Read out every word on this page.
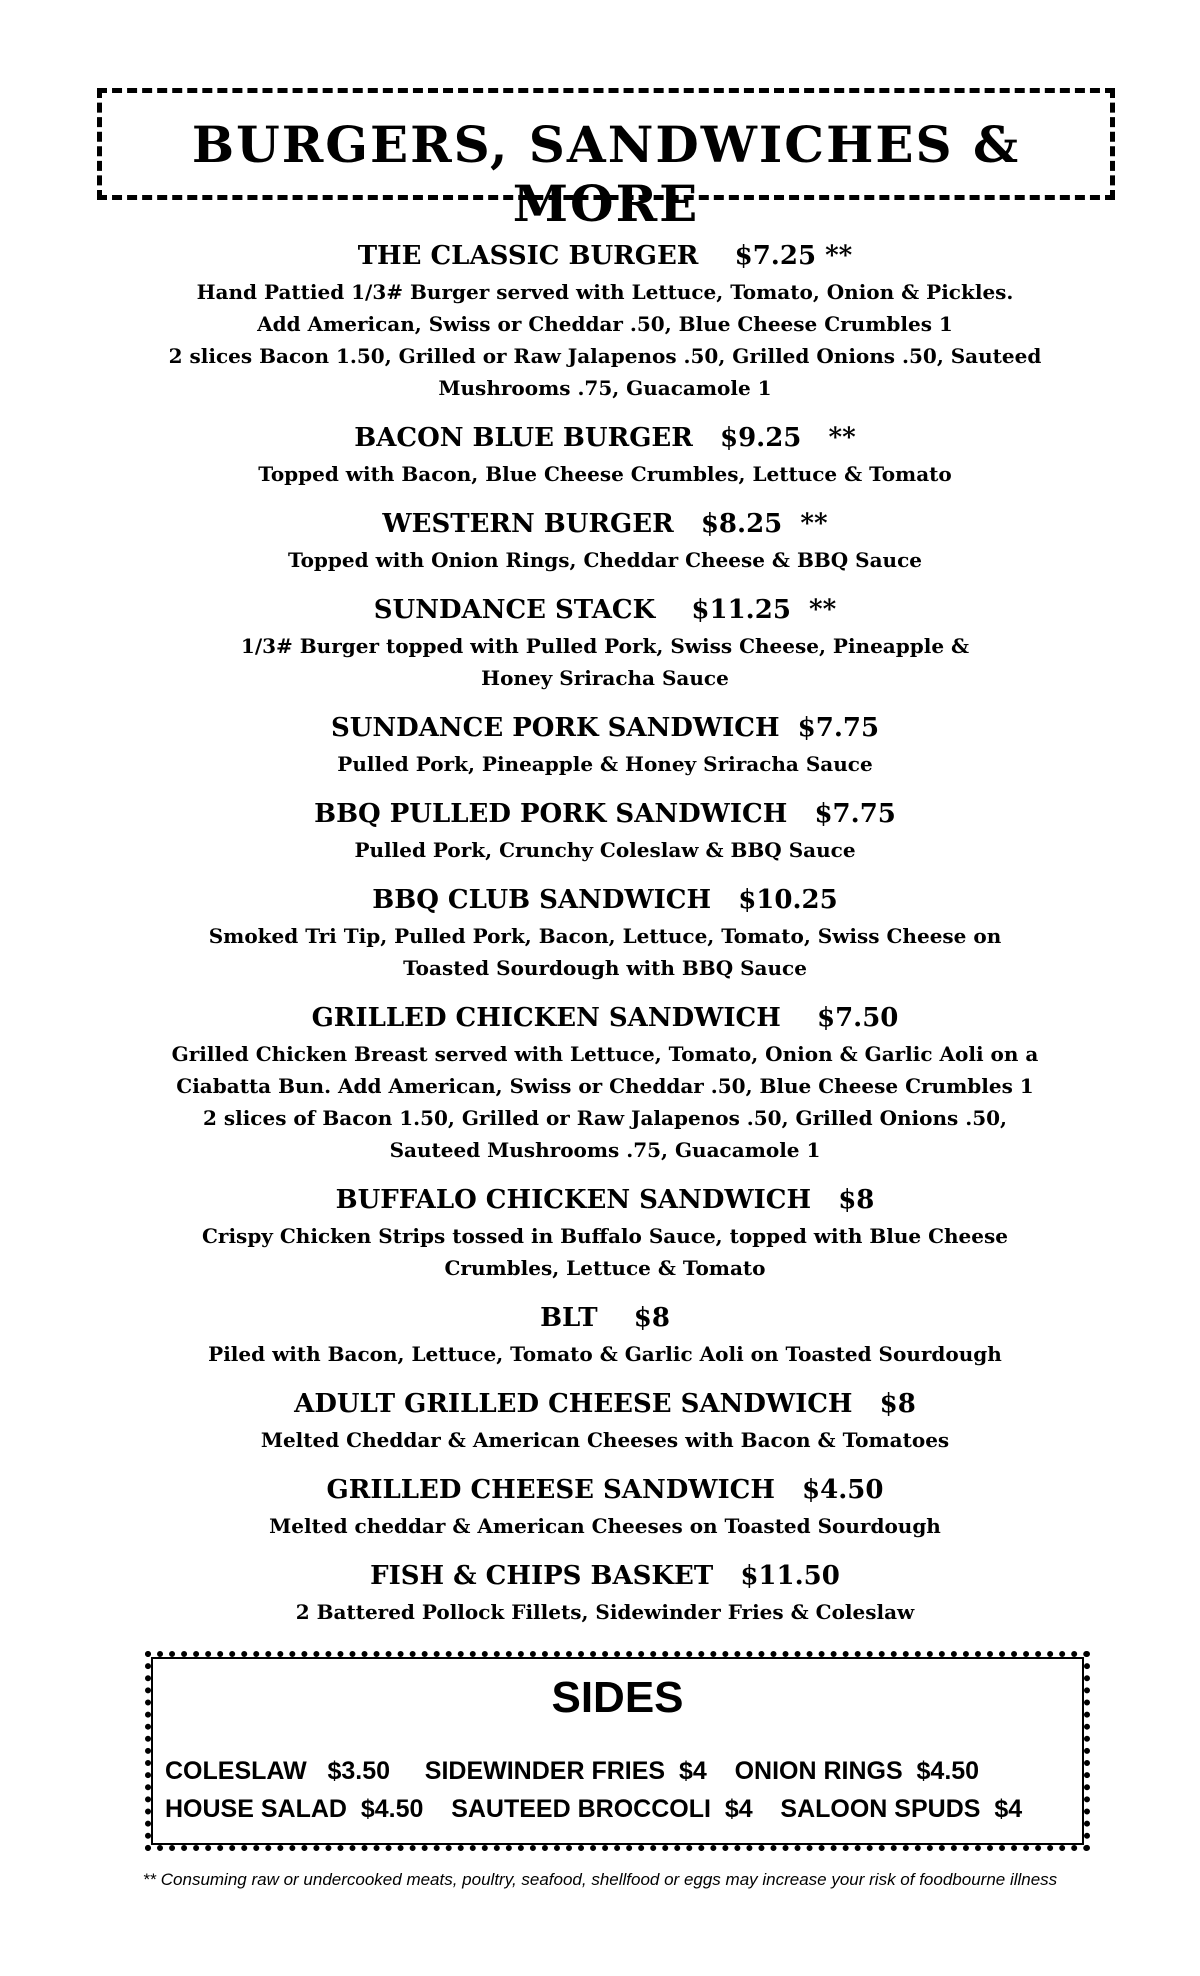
BURGERS, SANDWICHES & MORE
THE CLASSIC BURGER    $7.25 **
Hand Pattied 1/3# Burger served with Lettuce, Tomato, Onion & Pickles.
Add American, Swiss or Cheddar .50, Blue Cheese Crumbles 1
2 slices Bacon 1.50, Grilled or Raw Jalapenos .50, Grilled Onions .50, Sauteed
Mushrooms .75, Guacamole 1
BACON BLUE BURGER   $9.25   **
Topped with Bacon, Blue Cheese Crumbles, Lettuce & Tomato
WESTERN BURGER   $8.25  **
Topped with Onion Rings, Cheddar Cheese & BBQ Sauce
SUNDANCE STACK    $11.25  **
1/3# Burger topped with Pulled Pork, Swiss Cheese, Pineapple &
Honey Sriracha Sauce
SUNDANCE PORK SANDWICH  $7.75
Pulled Pork, Pineapple & Honey Sriracha Sauce
BBQ PULLED PORK SANDWICH   $7.75
Pulled Pork, Crunchy Coleslaw & BBQ Sauce
BBQ CLUB SANDWICH   $10.25
Smoked Tri Tip, Pulled Pork, Bacon, Lettuce, Tomato, Swiss Cheese on
Toasted Sourdough with BBQ Sauce
GRILLED CHICKEN SANDWICH    $7.50
Grilled Chicken Breast served with Lettuce, Tomato, Onion & Garlic Aoli on a
Ciabatta Bun. Add American, Swiss or Cheddar .50, Blue Cheese Crumbles 1
2 slices of Bacon 1.50, Grilled or Raw Jalapenos .50, Grilled Onions .50,
Sauteed Mushrooms .75, Guacamole 1
BUFFALO CHICKEN SANDWICH   $8
Crispy Chicken Strips tossed in Buffalo Sauce, topped with Blue Cheese
Crumbles, Lettuce & Tomato
BLT    $8
Piled with Bacon, Lettuce, Tomato & Garlic Aoli on Toasted Sourdough
ADULT GRILLED CHEESE SANDWICH   $8
Melted Cheddar & American Cheeses with Bacon & Tomatoes
GRILLED CHEESE SANDWICH   $4.50
Melted cheddar & American Cheeses on Toasted Sourdough
FISH & CHIPS BASKET   $11.50
2 Battered Pollock Fillets, Sidewinder Fries & Coleslaw
SIDES
COLESLAW   $3.50     SIDEWINDER FRIES  $4    ONION RINGS  $4.50
HOUSE SALAD  $4.50    SAUTEED BROCCOLI  $4    SALOON SPUDS  $4
** Consuming raw or undercooked meats, poultry, seafood, shellfood or eggs may increase your risk of foodbourne illness
